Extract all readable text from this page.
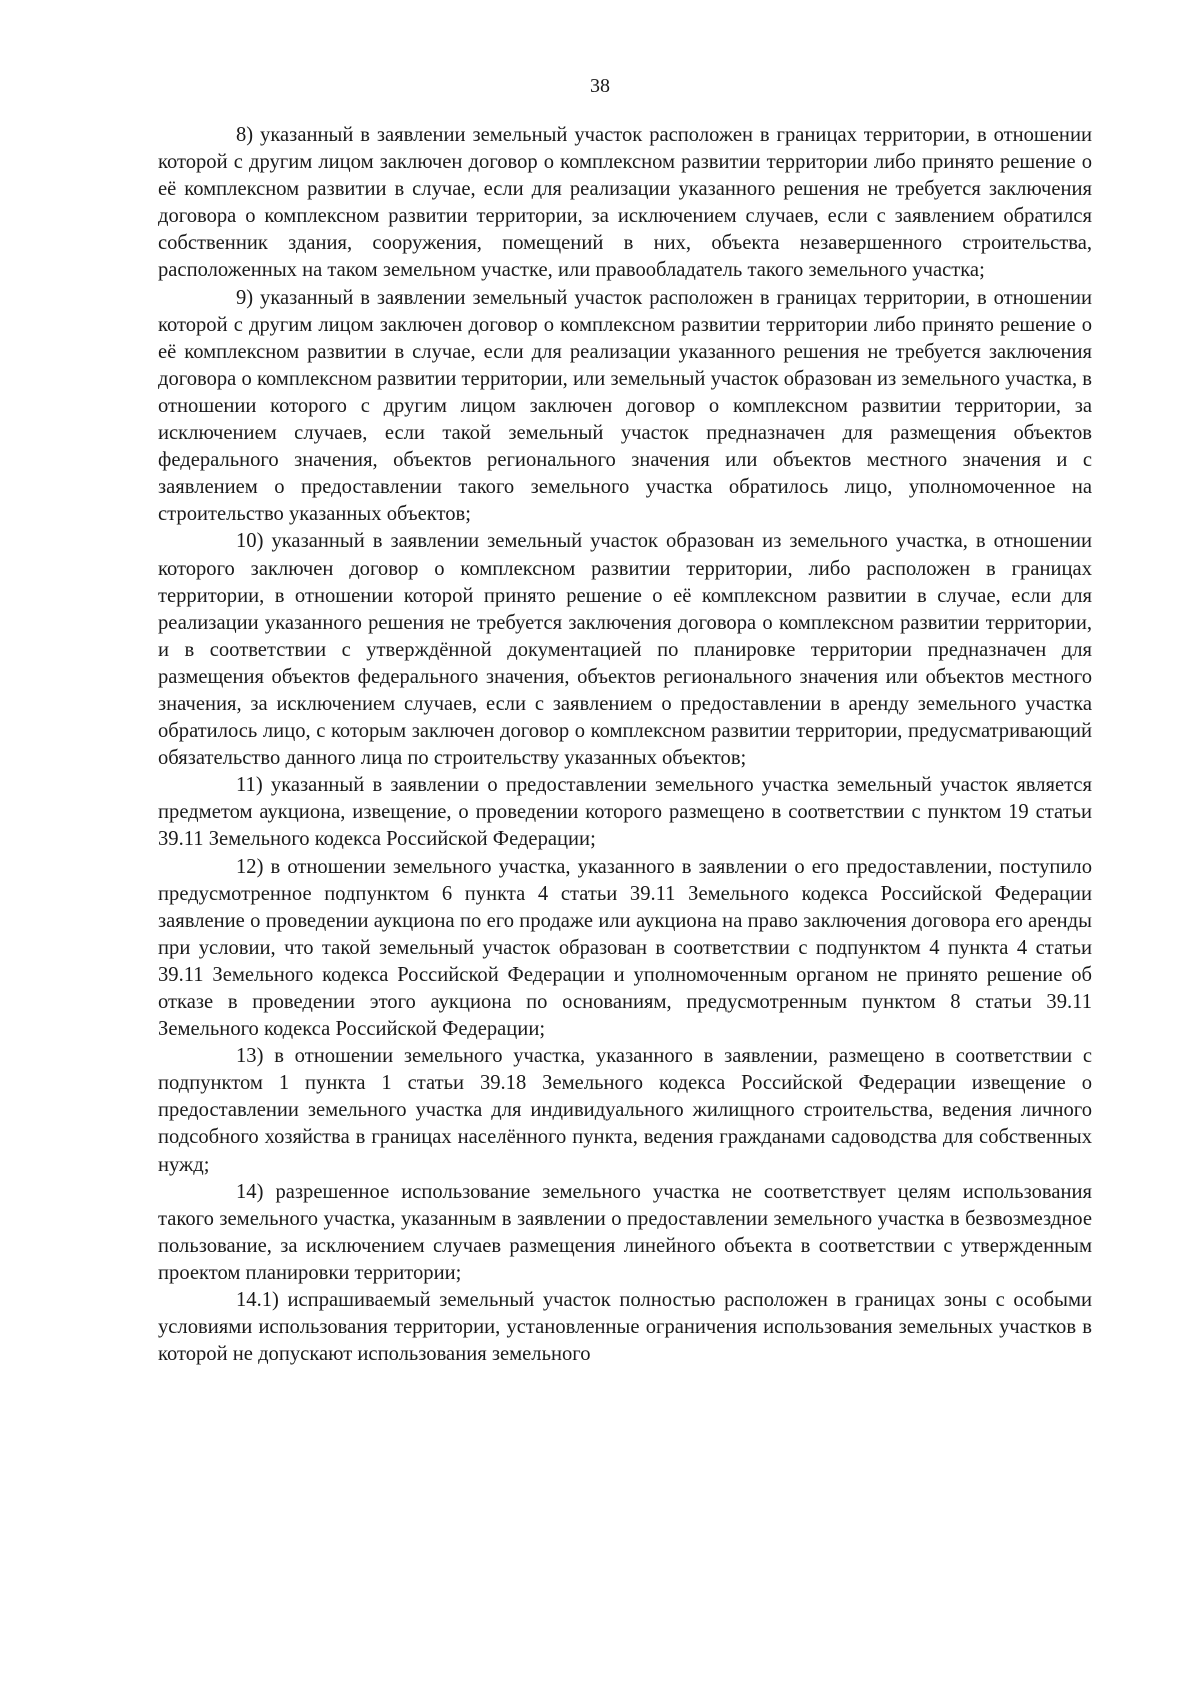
38

8) указанный в заявлении земельный участок расположен в границах территории, в отношении которой с другим лицом заключен договор о комплексном развитии территории либо принято решение о её комплексном развитии в случае, если для реализации указанного решения не требуется заключения договора о комплексном развитии территории, за исключением случаев, если с заявлением обратился собственник здания, сооружения, помещений в них, объекта незавершенного строительства, расположенных на таком земельном участке, или правообладатель такого земельного участка;

9) указанный в заявлении земельный участок расположен в границах территории, в отношении которой с другим лицом заключен договор о комплексном развитии территории либо принято решение о её комплексном развитии в случае, если для реализации указанного решения не требуется заключения договора о комплексном развитии территории, или земельный участок образован из земельного участка, в отношении которого с другим лицом заключен договор о комплексном развитии территории, за исключением случаев, если такой земельный участок предназначен для размещения объектов федерального значения, объектов регионального значения или объектов местного значения и с заявлением о предоставлении такого земельного участка обратилось лицо, уполномоченное на строительство указанных объектов;

10) указанный в заявлении земельный участок образован из земельного участка, в отношении которого заключен договор о комплексном развитии территории, либо расположен в границах территории, в отношении которой принято решение о её комплексном развитии в случае, если для реализации указанного решения не требуется заключения договора о комплексном развитии территории, и в соответствии с утверждённой документацией по планировке территории предназначен для размещения объектов федерального значения, объектов регионального значения или объектов местного значения, за исключением случаев, если с заявлением о предоставлении в аренду земельного участка обратилось лицо, с которым заключен договор о комплексном развитии территории, предусматривающий обязательство данного лица по строительству указанных объектов;

11) указанный в заявлении о предоставлении земельного участка земельный участок является предметом аукциона, извещение, о проведении которого размещено в соответствии с пунктом 19 статьи 39.11 Земельного кодекса Российской Федерации;

12) в отношении земельного участка, указанного в заявлении о его предоставлении, поступило предусмотренное подпунктом 6 пункта 4 статьи 39.11 Земельного кодекса Российской Федерации заявление о проведении аукциона по его продаже или аукциона на право заключения договора его аренды при условии, что такой земельный участок образован в соответствии с подпунктом 4 пункта 4 статьи 39.11 Земельного кодекса Российской Федерации и уполномоченным органом не принято решение об отказе в проведении этого аукциона по основаниям, предусмотренным пунктом 8 статьи 39.11 Земельного кодекса Российской Федерации;

13) в отношении земельного участка, указанного в заявлении, размещено в соответствии с подпунктом 1 пункта 1 статьи 39.18 Земельного кодекса Российской Федерации извещение о предоставлении земельного участка для индивидуального жилищного строительства, ведения личного подсобного хозяйства в границах населённого пункта, ведения гражданами садоводства для собственных нужд;

14) разрешенное использование земельного участка не соответствует целям использования такого земельного участка, указанным в заявлении о предоставлении земельного участка в безвозмездное пользование, за исключением случаев размещения линейного объекта в соответствии с утвержденным проектом планировки территории;

14.1) испрашиваемый земельный участок полностью расположен в границах зоны с особыми условиями использования территории, установленные ограничения использования земельных участков в которой не допускают использования земельного
